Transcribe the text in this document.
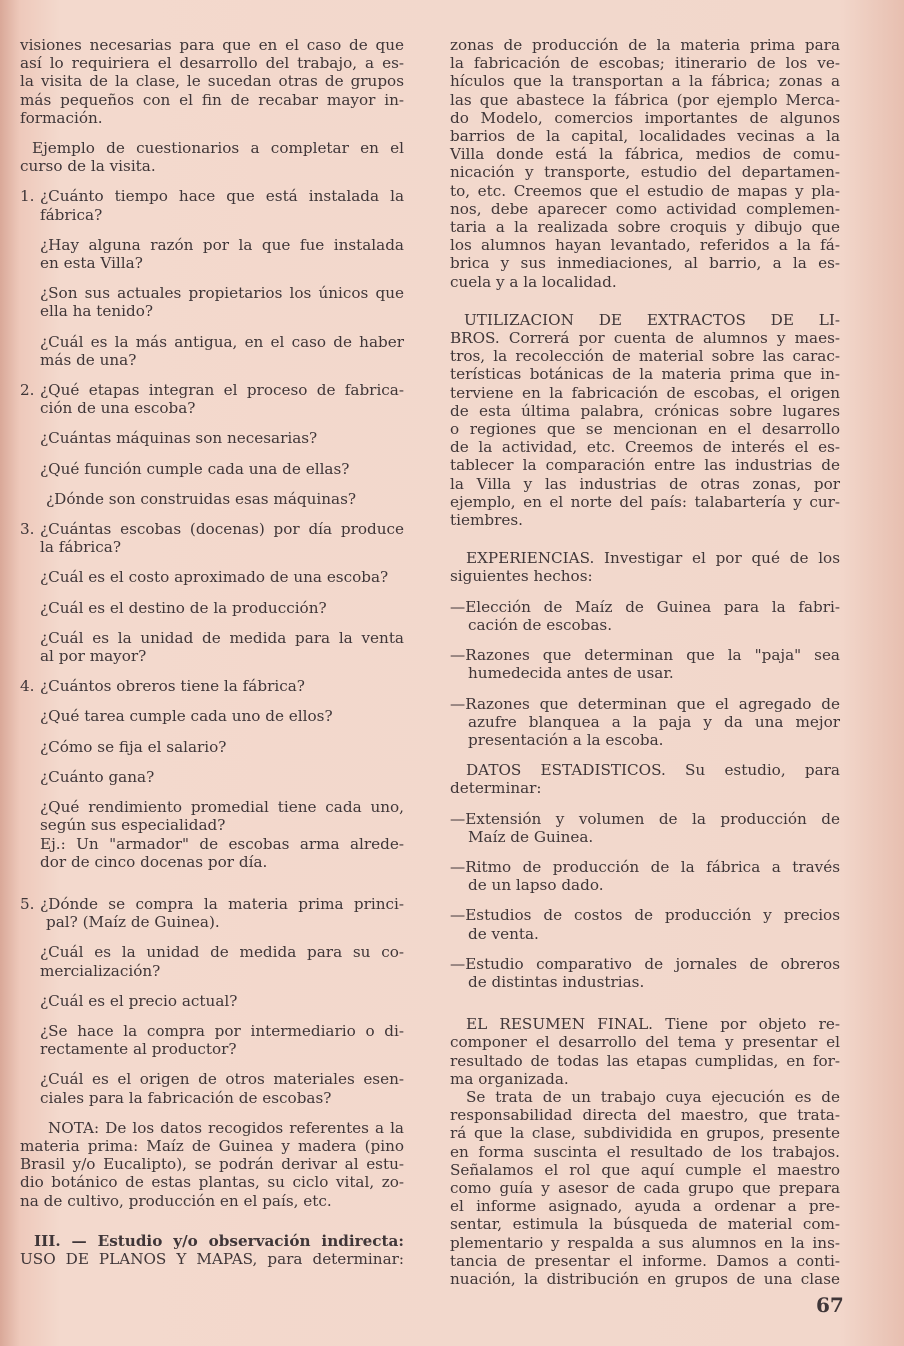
visiones necesarias para que en el caso de que
así lo requiriera el desarrollo del trabajo, a es-
la visita de la clase, le sucedan otras de grupos
más pequeños con el fin de recabar mayor in-
formación.
Ejemplo de cuestionarios a completar en el
curso de la visita.
1. ¿Cuánto tiempo hace que está instalada la
fábrica?
¿Hay alguna razón por la que fue instalada
en esta Villa?
¿Son sus actuales propietarios los únicos que
ella ha tenido?
¿Cuál es la más antigua, en el caso de haber
más de una?
2. ¿Qué etapas integran el proceso de fabrica-
ción de una escoba?
¿Cuántas máquinas son necesarias?
¿Qué función cumple cada una de ellas?
¿Dónde son construidas esas máquinas?
3. ¿Cuántas escobas (docenas) por día produce
la fábrica?
¿Cuál es el costo aproximado de una escoba?
¿Cuál es el destino de la producción?
¿Cuál es la unidad de medida para la venta
al por mayor?
4. ¿Cuántos obreros tiene la fábrica?
¿Qué tarea cumple cada uno de ellos?
¿Cómo se fija el salario?
¿Cuánto gana?
¿Qué rendimiento promedial tiene cada uno,
según sus especialidad?
Ej.: Un "armador" de escobas arma alrede-
dor de cinco docenas por día.
5. ¿Dónde se compra la materia prima princi-
pal? (Maíz de Guinea).
¿Cuál es la unidad de medida para su co-
mercialización?
¿Cuál es el precio actual?
¿Se hace la compra por intermediario o di-
rectamente al productor?
¿Cuál es el origen de otros materiales esen-
ciales para la fabricación de escobas?
NOTA: De los datos recogidos referentes a la
materia prima: Maíz de Guinea y madera (pino
Brasil y/o Eucalipto), se podrán derivar al estu-
dio botánico de estas plantas, su ciclo vital, zo-
na de cultivo, producción en el país, etc.
III. — Estudio y/o observación indirecta:
USO DE PLANOS Y MAPAS, para determinar:
zonas de producción de la materia prima para
la fabricación de escobas; itinerario de los ve-
hículos que la transportan a la fábrica; zonas a
las que abastece la fábrica (por ejemplo Merca-
do Modelo, comercios importantes de algunos
barrios de la capital, localidades vecinas a la
Villa donde está la fábrica, medios de comu-
nicación y transporte, estudio del departamen-
to, etc. Creemos que el estudio de mapas y pla-
nos, debe aparecer como actividad complemen-
taria a la realizada sobre croquis y dibujo que
los alumnos hayan levantado, referidos a la fá-
brica y sus inmediaciones, al barrio, a la es-
cuela y a la localidad.
UTILIZACION DE EXTRACTOS DE LI-
BROS. Correrá por cuenta de alumnos y maes-
tros, la recolección de material sobre las carac-
terísticas botánicas de la materia prima que in-
terviene en la fabricación de escobas, el origen
de esta última palabra, crónicas sobre lugares
o regiones que se mencionan en el desarrollo
de la actividad, etc. Creemos de interés el es-
tablecer la comparación entre las industrias de
la Villa y las industrias de otras zonas, por
ejemplo, en el norte del país: talabartería y cur-
tiembres.
EXPERIENCIAS. Investigar el por qué de los
siguientes hechos:
—Elección de Maíz de Guinea para la fabri-
cación de escobas.
—Razones que determinan que la "paja" sea
humedecida antes de usar.
—Razones que determinan que el agregado de
azufre blanquea a la paja y da una mejor
presentación a la escoba.
DATOS ESTADISTICOS. Su estudio, para
determinar:
—Extensión y volumen de la producción de
Maíz de Guinea.
—Ritmo de producción de la fábrica a través
de un lapso dado.
—Estudios de costos de producción y precios
de venta.
—Estudio comparativo de jornales de obreros
de distintas industrias.
EL RESUMEN FINAL. Tiene por objeto re-
componer el desarrollo del tema y presentar el
resultado de todas las etapas cumplidas, en for-
ma organizada.
Se trata de un trabajo cuya ejecución es de
responsabilidad directa del maestro, que trata-
rá que la clase, subdividida en grupos, presente
en forma suscinta el resultado de los trabajos.
Señalamos el rol que aquí cumple el maestro
como guía y asesor de cada grupo que prepara
el informe asignado, ayuda a ordenar a pre-
sentar, estimula la búsqueda de material com-
plementario y respalda a sus alumnos en la ins-
tancia de presentar el informe. Damos a conti-
nuación, la distribución en grupos de una clase
67
